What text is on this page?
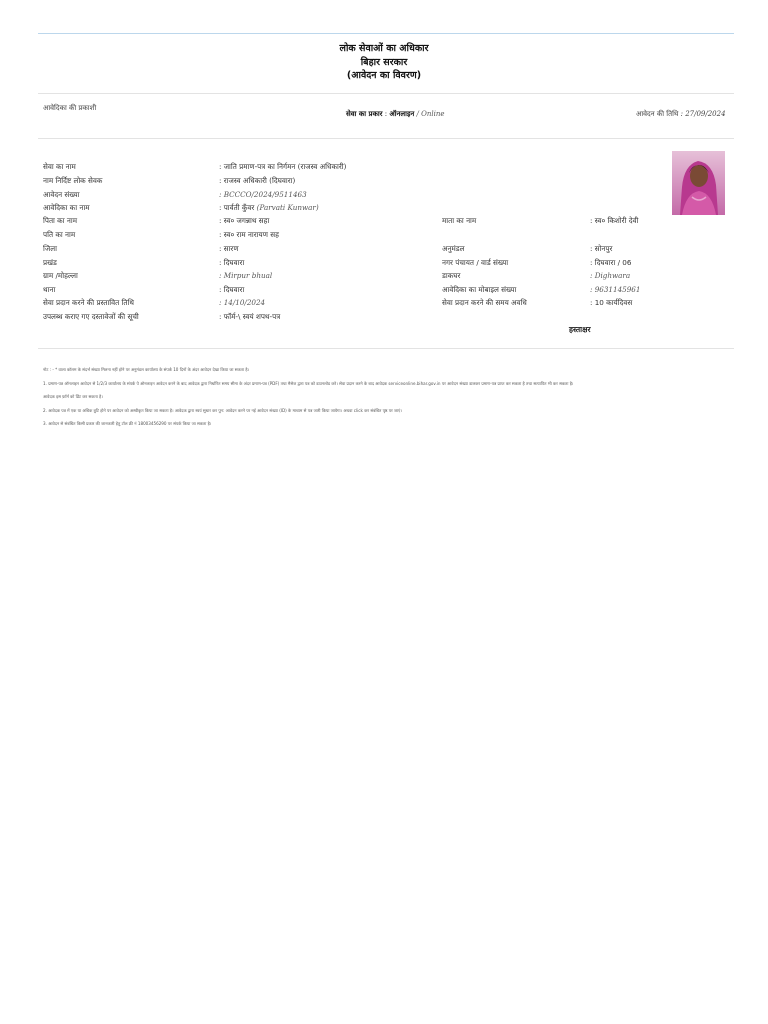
लोक सेवाओं का अधिकार
बिहार सरकार
(आवेदन का विवरण)
आवेदिका की प्रकाशी
सेवा का प्रकार : ऑनलाइन / Online	आवेदन की तिथि : 27/09/2024
सेवा का नाम	: जाति प्रमाण-पत्र का निर्गमन (राजस्व अधिकारी)
नाम निर्दिष्ट लोक सेवक	: राजस्व अधिकारी (दिघवारा)
आवेदन संख्या	: BCCCO/2024/9511463
आवेदिका का नाम	: पार्वती कुँवर (Parvati Kunwar)
पिता का नाम	: स्व० जगन्नाथ सहा	माता का नाम	: स्व० किशोरी देवी
पति का नाम	: स्व० राम नारायण सह
जिला	: सारण	अनुमंडल	: सोनपुर
प्रखंड	: दिघवारा	नगर पंचायत / वार्ड संख्या	: दिघवारा / 06
ग्राम /मोहल्ला	: Mirpur bhual	डाकघर	: Dighwara
थाना	: दिघवारा	आवेदिका का मोबाइल संख्या	: 9631145961
सेवा प्रदान करने की प्रस्तावित तिथि	: 14/10/2024	सेवा प्रदान करने की समय अवधि	: 10 कार्यदिवस
उपलब्ध कराए गए दस्तावेजों की सूची	: फॉर्म-\ स्वयं शपथ-पत्र
हस्ताक्षर
नोट : - * वाला कॉलम के संदर्भ संख्या मिलना नहीं होने पर अनुमंडल कार्यालय के संपर्क 10 दिनों के अंदर आवेदन देखा किया जा सकता है।
1. प्रमाण-पत्र ऑनलाइन आवेदन से 1/2/3 कार्यालय के संपर्क पे ऑनलाइन आवेदन करने के बाद आवेदक द्वारा निर्धारित समय सीमा के अंदर प्रमाण-पत्र (PDF) तथा मैसेज द्वारा पत्र को डाउनलोड करे। सेवा प्रदान करने के बाद आवेदक serviceonline.bihar.gov.in पर आवेदन संख्या डालकर प्रमाण-पत्र प्राप्त कर सकता है तथा सत्यापित भी कर सकता है।
आवेदक इस फ़ॉर्म को प्रिंट कर सकता है।
2. आवेदक पत्र में एक या अधिक त्रुटि होने पर आवेदन को अस्वीकृत किया जा सकता है। आवेदक द्वारा स्वयं सुधार कर पुन: आवेदन करने पर नई आवेदन संख्या (ID) के माध्यम से पत्र जारी किया जायेगा। अथवा click कर संबंधित पृष्ठ पर जाएं।
3. आवेदन से संबंधित किसी प्रकार की जानकारी हेतु टॉल फ्री नं 18003456290 पर संपर्क किया जा सकता है।
